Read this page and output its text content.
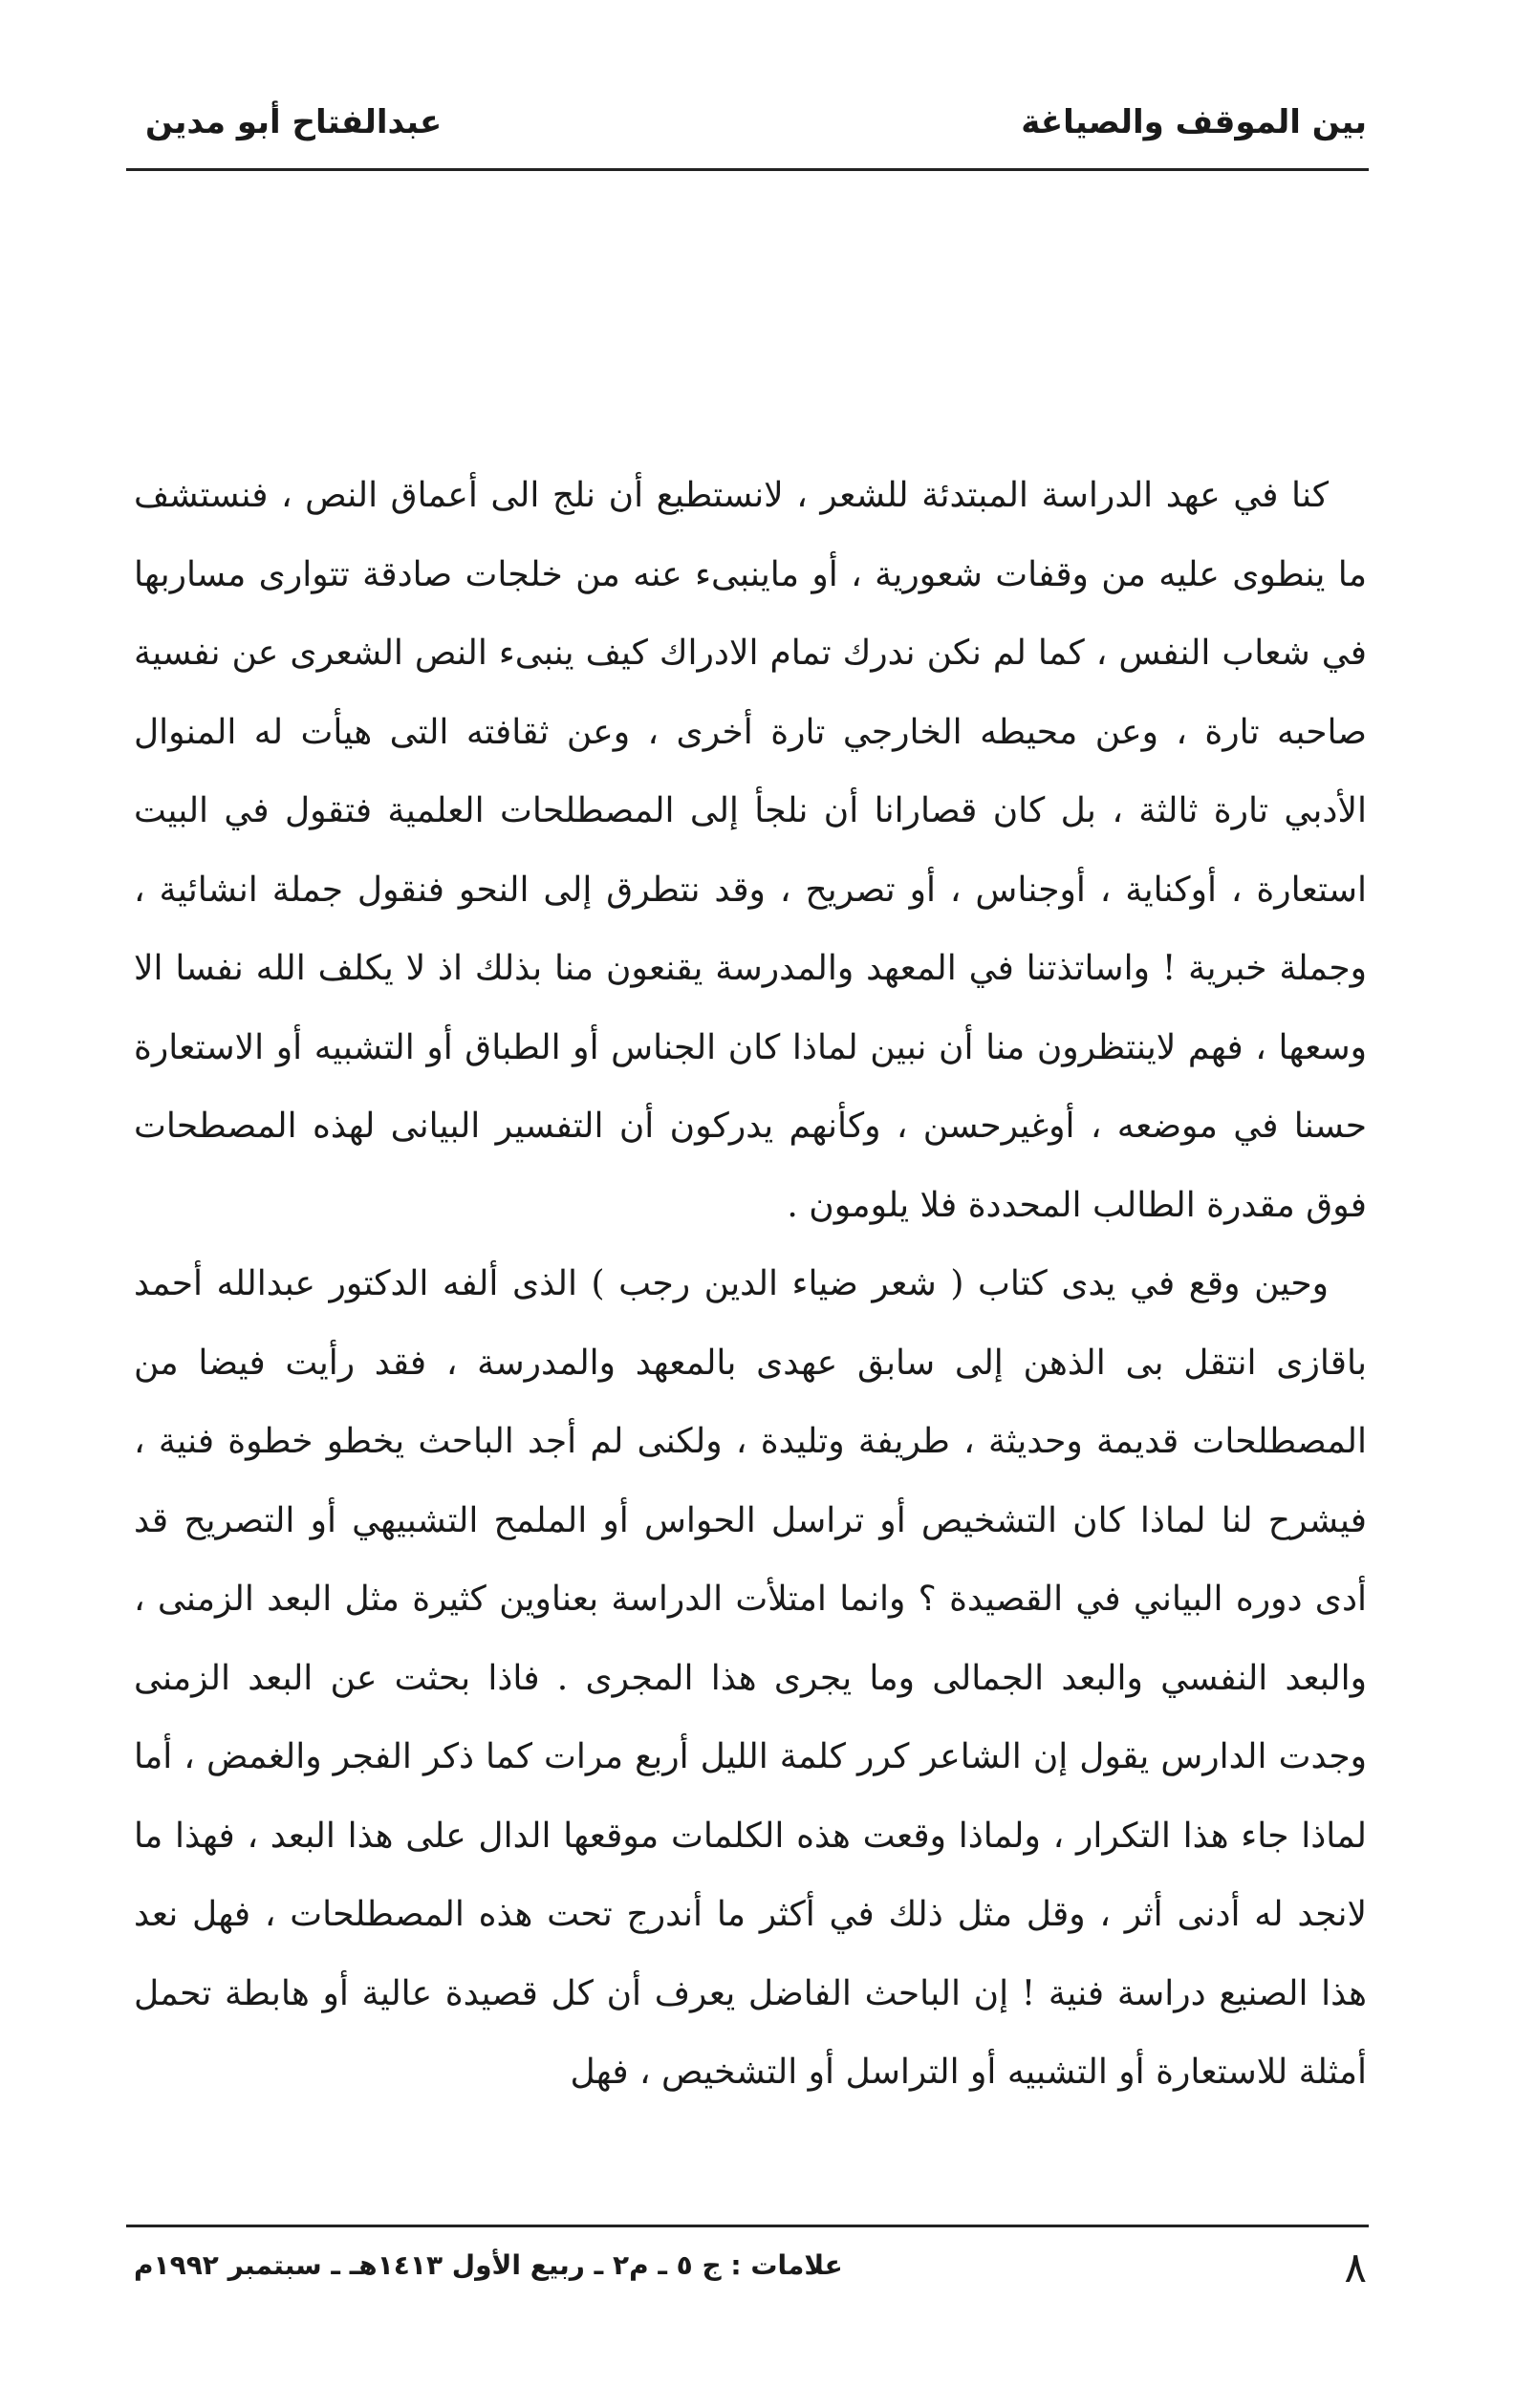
بين الموقف والصياغة
عبدالفتاح أبو مدين

كنا في عهد الدراسة المبتدئة للشعر ، لانستطيع أن نلج الى أعماق النص ، فنستشف ما ينطوى عليه من وقفات شعورية ، أو ماينبىء عنه من خلجات صادقة تتوارى مساربها في شعاب النفس ، كما لم نكن ندرك تمام الادراك كيف ينبىء النص الشعرى عن نفسية صاحبه تارة ، وعن محيطه الخارجي تارة أخرى ، وعن ثقافته التى هيأت له المنوال الأدبي تارة ثالثة ، بل كان قصارانا أن نلجأ إلى المصطلحات العلمية فتقول في البيت استعارة ، أوكناية ، أوجناس ، أو تصريح ، وقد نتطرق إلى النحو فنقول جملة انشائية ، وجملة خبرية ! واساتذتنا في المعهد والمدرسة يقنعون منا بذلك اذ لا يكلف الله نفسا الا وسعها ، فهم لاينتظرون منا أن نبين لماذا كان الجناس أو الطباق أو التشبيه أو الاستعارة حسنا في موضعه ، أوغيرحسن ، وكأنهم يدركون أن التفسير البيانى لهذه المصطحات فوق مقدرة الطالب المحددة فلا يلومون .

وحين وقع في يدى كتاب ( شعر ضياء الدين رجب ) الذى ألفه الدكتور عبدالله أحمد باقازى انتقل بى الذهن إلى سابق عهدى بالمعهد والمدرسة ، فقد رأيت فيضا من المصطلحات قديمة وحديثة ، طريفة وتليدة ، ولكنى لم أجد الباحث يخطو خطوة فنية ، فيشرح لنا لماذا كان التشخيص أو تراسل الحواس أو الملمح التشبيهي أو التصريح قد أدى دوره البياني في القصيدة ؟ وانما امتلأت الدراسة بعناوين كثيرة مثل البعد الزمنى ، والبعد النفسي والبعد الجمالى وما يجرى هذا المجرى . فاذا بحثت عن البعد الزمنى وجدت الدارس يقول إن الشاعر كرر كلمة الليل أربع مرات كما ذكر الفجر والغمض ، أما لماذا جاء هذا التكرار ، ولماذا وقعت هذه الكلمات موقعها الدال على هذا البعد ، فهذا ما لانجد له أدنى أثر ، وقل مثل ذلك في أكثر ما أندرج تحت هذه المصطلحات ، فهل نعد هذا الصنيع دراسة فنية ! إن الباحث الفاضل يعرف أن كل قصيدة عالية أو هابطة تحمل أمثلة للاستعارة أو التشبيه أو التراسل أو التشخيص ، فهل

٨
علامات : ج ٥ ـ م٢ ـ ربيع الأول ١٤١٣هـ ـ سبتمبر ١٩٩٢م
